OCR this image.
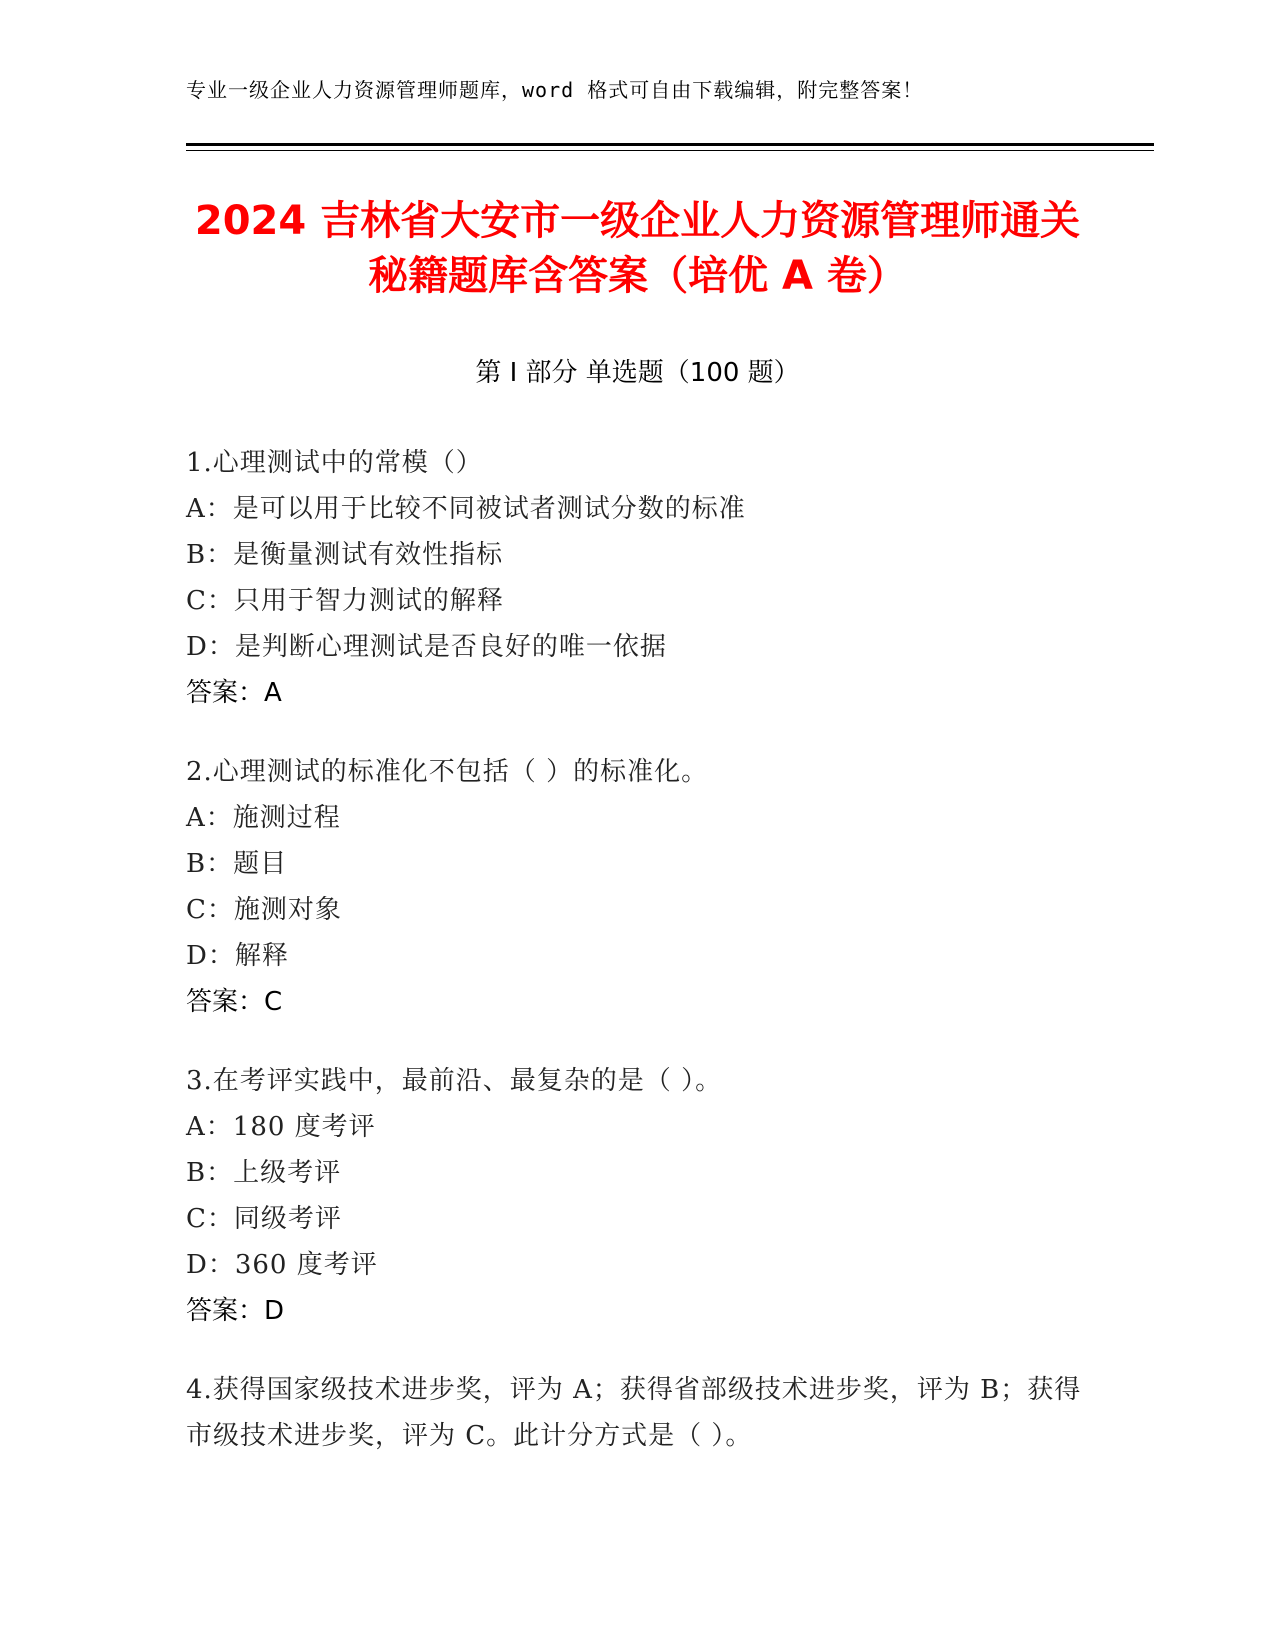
专业一级企业人力资源管理师题库，word 格式可自由下载编辑，附完整答案！
2024 吉林省大安市一级企业人力资源管理师通关秘籍题库含答案（培优 A 卷）
第 I 部分 单选题（100 题）
1.心理测试中的常模（）
A：是可以用于比较不同被试者测试分数的标准
B：是衡量测试有效性指标
C：只用于智力测试的解释
D：是判断心理测试是否良好的唯一依据
答案：A
2.心理测试的标准化不包括（ ）的标准化。
A：施测过程
B：题目
C：施测对象
D：解释
答案：C
3.在考评实践中，最前沿、最复杂的是（ ）。
A：180 度考评
B：上级考评
C：同级考评
D：360 度考评
答案：D
4.获得国家级技术进步奖，评为 A；获得省部级技术进步奖，评为 B；获得市级技术进步奖，评为 C。此计分方式是（ ）。
